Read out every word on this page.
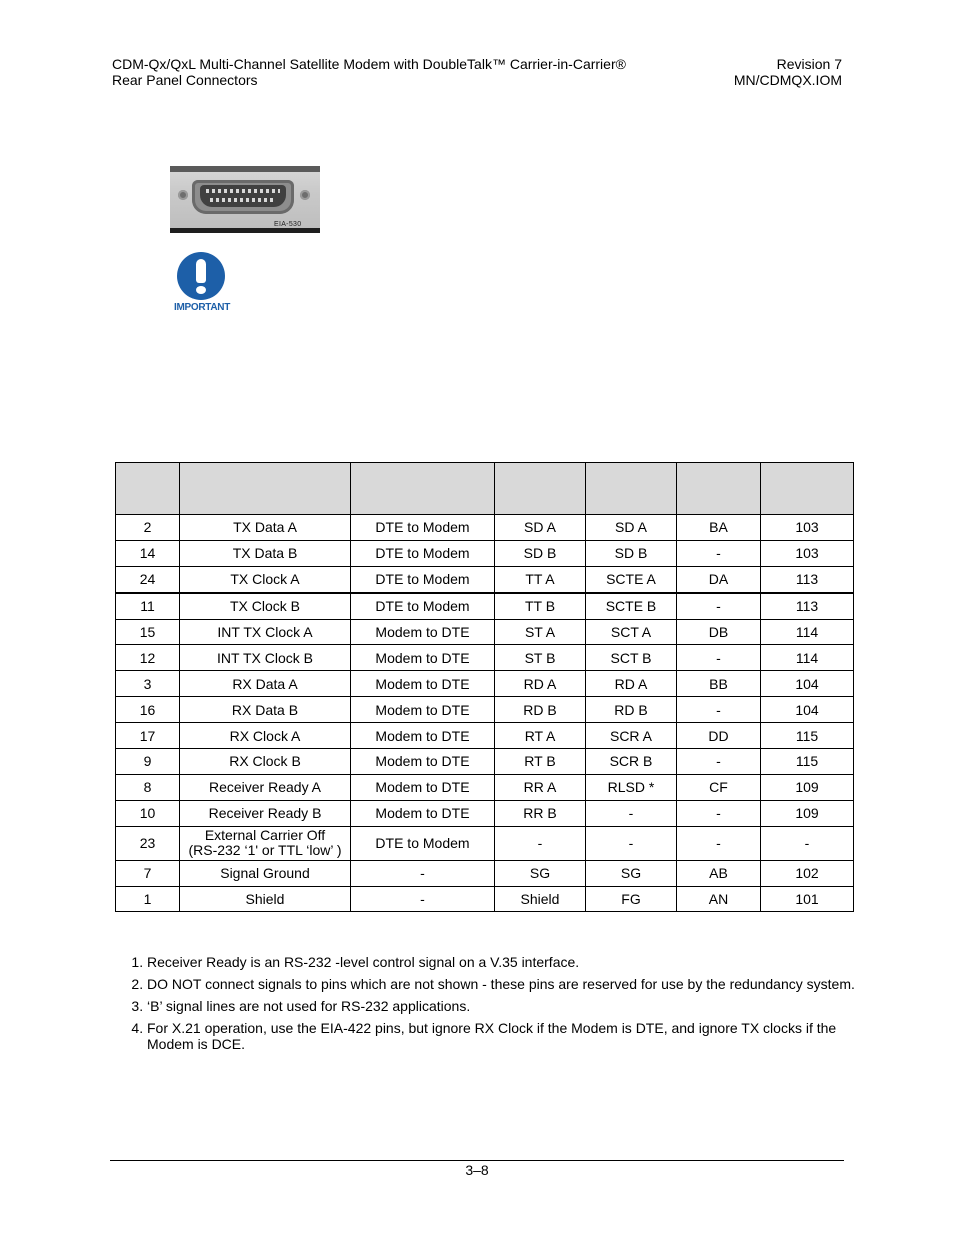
CDM-Qx/QxL Multi-Channel Satellite Modem with DoubleTalk™ Carrier-in-Carrier®
Rear Panel Connectors
Revision 7
MN/CDMQX.IOM
EIA-530
IMPORTANT

2	TX Data A	DTE to Modem	SD A	SD A	BA	103
14	TX Data B	DTE to Modem	SD B	SD B	-	103
24	TX Clock A	DTE to Modem	TT A	SCTE A	DA	113
11	TX Clock B	DTE to Modem	TT B	SCTE B	-	113
15	INT TX Clock A	Modem to DTE	ST A	SCT A	DB	114
12	INT TX Clock B	Modem to DTE	ST B	SCT B	-	114
3	RX Data A	Modem to DTE	RD A	RD A	BB	104
16	RX Data B	Modem to DTE	RD B	RD B	-	104
17	RX Clock A	Modem to DTE	RT A	SCR A	DD	115
9	RX Clock B	Modem to DTE	RT B	SCR B	-	115
8	Receiver Ready A	Modem to DTE	RR A	RLSD *	CF	109
10	Receiver Ready B	Modem to DTE	RR B	-	-	109
23	External Carrier Off
(RS-232 ‘1' or TTL ‘low’ )	DTE to Modem	-	-	-	-
7	Signal Ground	-	SG	SG	AB	102
1	Shield	-	Shield	FG	AN	101
1. Receiver Ready is an RS-232 -level control signal on a V.35 interface.
2. DO NOT connect signals to pins which are not shown - these pins are reserved for use by the redundancy system.
3. ‘B’ signal lines are not used for RS-232 applications.
4. For X.21 operation, use the EIA-422 pins, but ignore RX Clock if the Modem is DTE, and ignore TX clocks if the Modem is DCE.
3–8
